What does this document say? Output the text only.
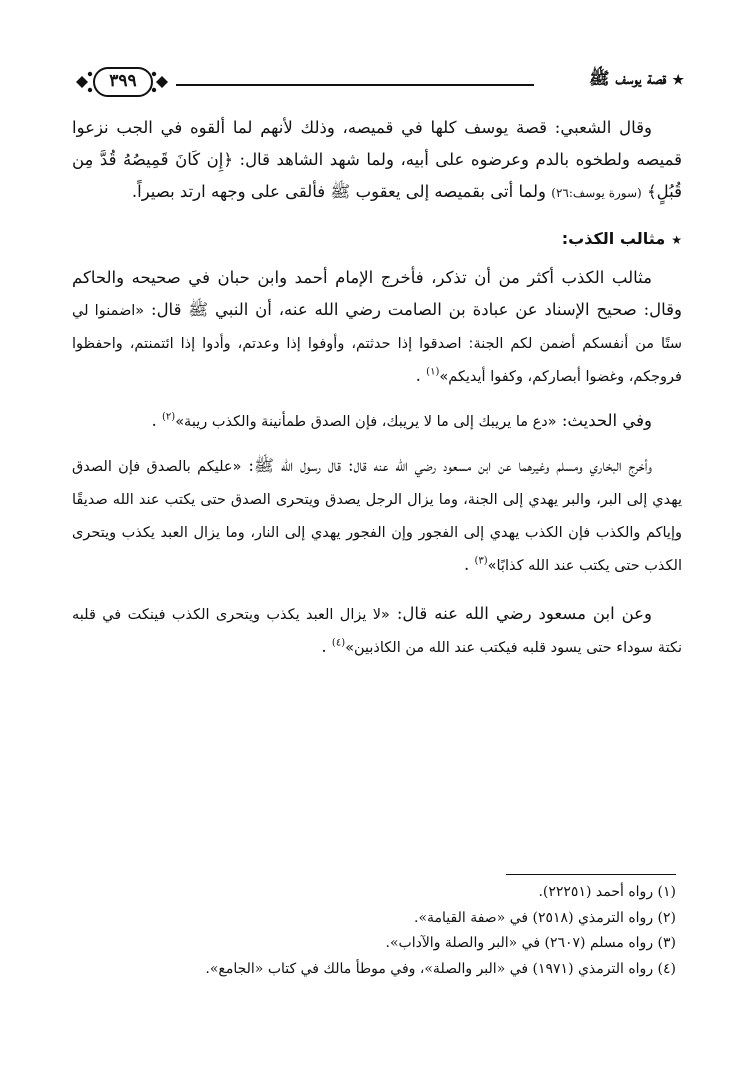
★قصة يوسف ﷺ
٣٩٩

وقال الشعبي: قصة يوسف كلها في قميصه، وذلك لأنهم لما ألقوه في الجب نزعوا قميصه ولطخوه بالدم وعرضوه على أبيه، ولما شهد الشاهد قال: ﴿إِن كَانَ قَمِيصُهُ قُدَّ مِن قُبُلٍ﴾ (سورة يوسف:٢٦) ولما أتى بقميصه إلى يعقوب ﷺ فألقى على وجهه ارتد بصيراً.

★مثالب الكذب:

مثالب الكذب أكثر من أن تذكر، فأخرج الإمام أحمد وابن حبان في صحيحه والحاكم وقال: صحيح الإسناد عن عبادة بن الصامت رضي الله عنه، أن النبي ﷺ قال: «اضمنوا لي ستًا من أنفسكم أضمن لكم الجنة: اصدقوا إذا حدثتم، وأوفوا إذا وعدتم، وأدوا إذا ائتمنتم، واحفظوا فروجكم، وغضوا أبصاركم، وكفوا أيديكم»$^{(١)}$ .

وفي الحديث: «دع ما يريبك إلى ما لا يريبك، فإن الصدق طمأنينة والكذب ريبة»$^{(٢)}$ .

وأخرج البخاري ومسلم وغيرهما عن ابن مسعود رضي الله عنه قال: قال رسول الله ﷺ: «عليكم بالصدق فإن الصدق يهدي إلى البر، والبر يهدي إلى الجنة، وما يزال الرجل يصدق ويتحرى الصدق حتى يكتب عند الله صديقًا وإياكم والكذب فإن الكذب يهدي إلى الفجور وإن الفجور يهدي إلى النار، وما يزال العبد يكذب ويتحرى الكذب حتى يكتب عند الله كذابًا»$^{(٣)}$ .

وعن ابن مسعود رضي الله عنه قال: «لا يزال العبد يكذب ويتحرى الكذب فينكت في قلبه نكتة سوداء حتى يسود قلبه فيكتب عند الله من الكاذبين»$^{(٤)}$ .

(١) رواه أحمد (٢٢٢٥١).
(٢) رواه الترمذي (٢٥١٨) في «صفة القيامة».
(٣) رواه مسلم (٢٦٠٧) في «البر والصلة والآداب».
(٤) رواه الترمذي (١٩٧١) في «البر والصلة»، وفي موطأ مالك في كتاب «الجامع».
